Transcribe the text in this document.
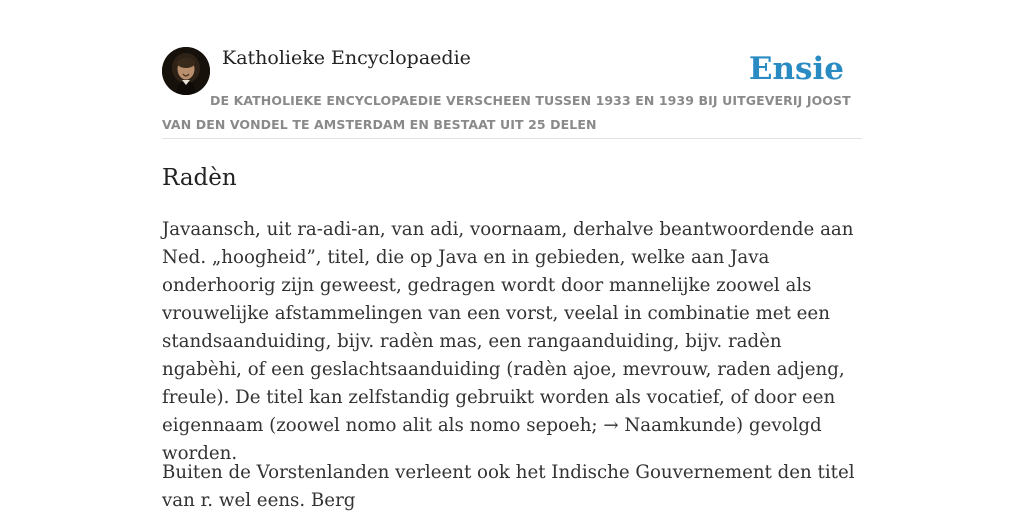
Katholieke Encyclopaedie	Ensie
DE KATHOLIEKE ENCYCLOPAEDIE VERSCHEEN TUSSEN 1933 EN 1939 BIJ UITGEVERIJ JOOST VAN DEN VONDEL TE AMSTERDAM EN BESTAAT UIT 25 DELEN
Radèn

Javaansch, uit ra-adi-an, van adi, voornaam, derhalve beantwoordende aan Ned. „hoogheid”, titel, die op Java en in gebieden, welke aan Java onderhoorig zijn geweest, gedragen wordt door mannelijke zoowel als vrouwelijke afstammelingen van een vorst, veelal in combinatie met een standsaanduiding, bijv. radèn mas, een rangaanduiding, bijv. radèn ngabèhi, of een geslachtsaanduiding (radèn ajoe, mevrouw, raden adjeng, freule). De titel kan zelfstandig gebruikt worden als vocatief, of door een eigennaam (zoowel nomo alit als nomo sepoeh; → Naamkunde) gevolgd worden.

Buiten de Vorstenlanden verleent ook het Indische Gouvernement den titel van r. wel eens. Berg
